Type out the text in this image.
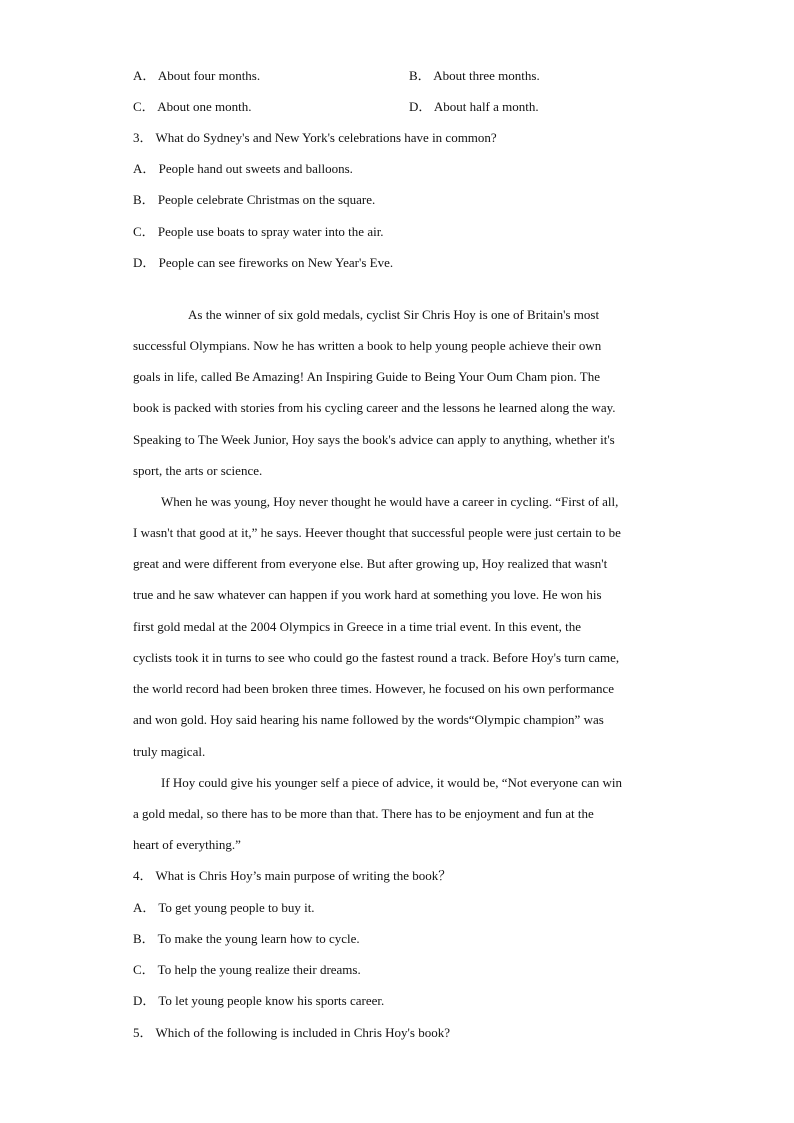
A． About four months.	B． About three months.
C． About one month.	D． About half a month.
3． What do Sydney's and New York's celebrations have in common?
A． People hand out sweets and balloons.
B． People celebrate Christmas on the square.
C． People use boats to spray water into the air.
D． People can see fireworks on New Year's Eve.
As the winner of six gold medals, cyclist Sir Chris Hoy is one of Britain's most
successful Olympians. Now he has written a book to help young people achieve their own
goals in life, called Be Amazing! An Inspiring Guide to Being Your Oum Cham pion. The
book is packed with stories from his cycling career and the lessons he learned along the way.
Speaking to The Week Junior, Hoy says the book's advice can apply to anything, whether it's
sport, the arts or science.
When he was young, Hoy never thought he would have a career in cycling. “First of all,
I wasn't that good at it,” he says. Heever thought that successful people were just certain to be
great and were different from everyone else. But after growing up, Hoy realized that wasn't
true and he saw whatever can happen if you work hard at something you love. He won his
first gold medal at the 2004 Olympics in Greece in a time trial event. In this event, the
cyclists took it in turns to see who could go the fastest round a track. Before Hoy's turn came,
the world record had been broken three times. However, he focused on his own performance
and won gold. Hoy said hearing his name followed by the words“Olympic champion” was
truly magical.
If Hoy could give his younger self a piece of advice, it would be, “Not everyone can win
a gold medal, so there has to be more than that. There has to be enjoyment and fun at the
heart of everything.”
4． What is Chris Hoy’s main purpose of writing the book？
A． To get young people to buy it.
B． To make the young learn how to cycle.
C． To help the young realize their dreams.
D． To let young people know his sports career.
5． Which of the following is included in Chris Hoy's book?
